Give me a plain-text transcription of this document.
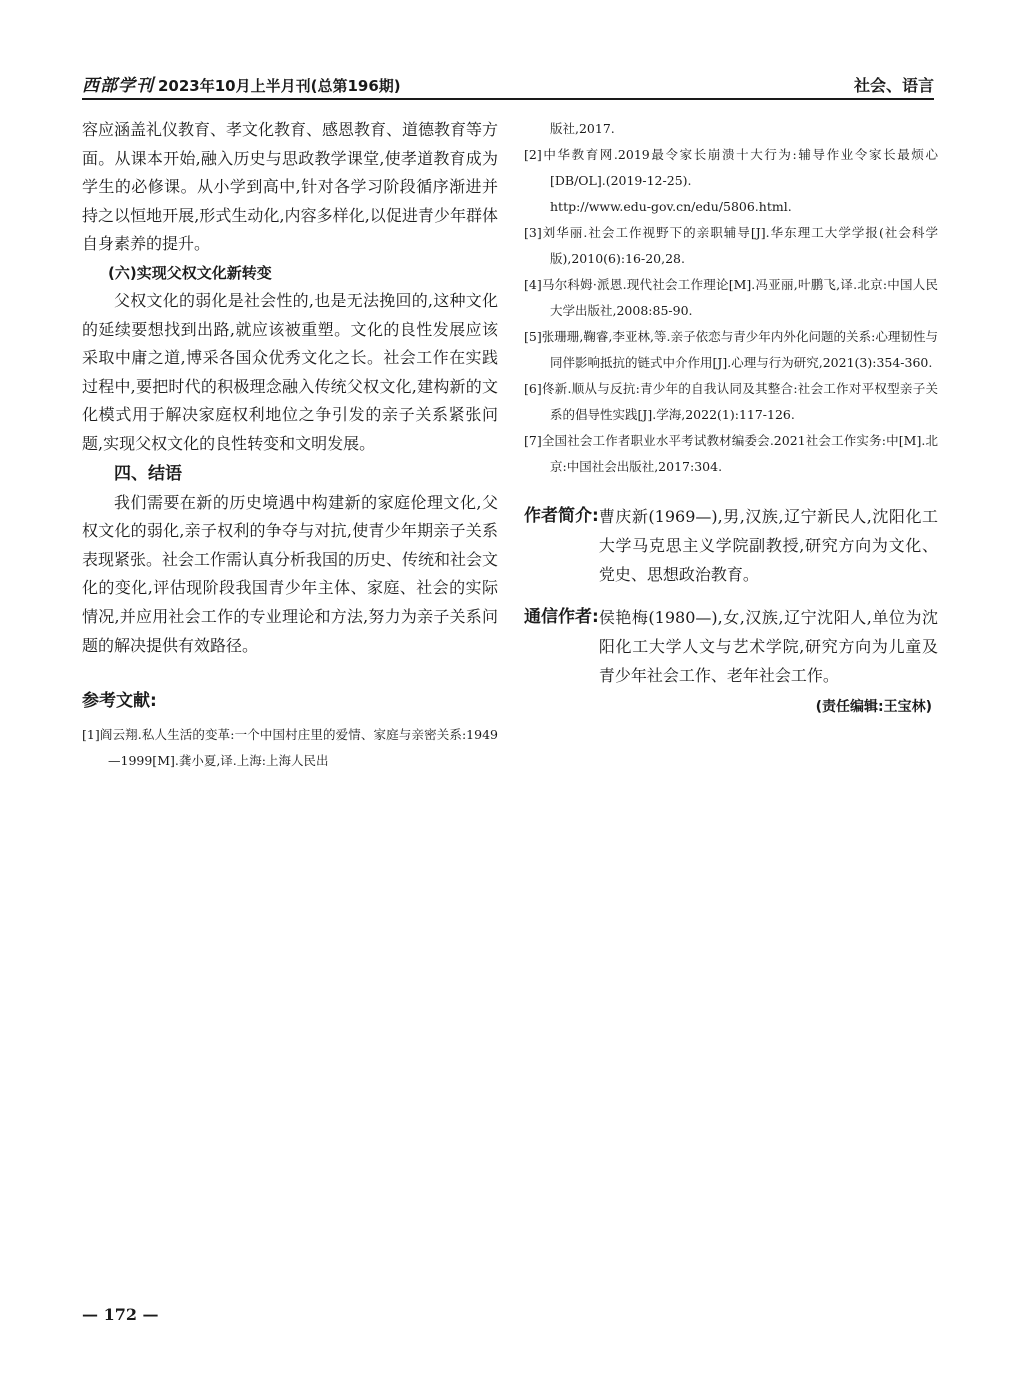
西部学刊 2023年10月上半月刊(总第196期)	社会、语言

容应涵盖礼仪教育、孝文化教育、感恩教育、道德教育等方面。从课本开始,融入历史与思政教学课堂,使孝道教育成为学生的必修课。从小学到高中,针对各学习阶段循序渐进并持之以恒地开展,形式生动化,内容多样化,以促进青少年群体自身素养的提升。

(六)实现父权文化新转变

父权文化的弱化是社会性的,也是无法挽回的,这种文化的延续要想找到出路,就应该被重塑。文化的良性发展应该采取中庸之道,博采各国众优秀文化之长。社会工作在实践过程中,要把时代的积极理念融入传统父权文化,建构新的文化模式用于解决家庭权利地位之争引发的亲子关系紧张问题,实现父权文化的良性转变和文明发展。

四、结语

我们需要在新的历史境遇中构建新的家庭伦理文化,父权文化的弱化,亲子权利的争夺与对抗,使青少年期亲子关系表现紧张。社会工作需认真分析我国的历史、传统和社会文化的变化,评估现阶段我国青少年主体、家庭、社会的实际情况,并应用社会工作的专业理论和方法,努力为亲子关系问题的解决提供有效路径。

参考文献:

[1]阎云翔.私人生活的变革:一个中国村庄里的爱情、家庭与亲密关系:1949—1999[M].龚小夏,译.上海:上海人民出

版社,2017.

[2]中华教育网.2019最令家长崩溃十大行为:辅导作业令家长最烦心[DB/OL].(2019-12-25).

http://www.edu-gov.cn/edu/5806.html.

[3]刘华丽.社会工作视野下的亲职辅导[J].华东理工大学学报(社会科学版),2010(6):16-20,28.

[4]马尔科姆·派恩.现代社会工作理论[M].冯亚丽,叶鹏飞,译.北京:中国人民大学出版社,2008:85-90.

[5]张珊珊,鞠睿,李亚林,等.亲子依恋与青少年内外化问题的关系:心理韧性与同伴影响抵抗的链式中介作用[J].心理与行为研究,2021(3):354-360.

[6]佟新.顺从与反抗:青少年的自我认同及其整合:社会工作对平权型亲子关系的倡导性实践[J].学海,2022(1):117-126.

[7]全国社会工作者职业水平考试教材编委会.2021社会工作实务:中[M].北京:中国社会出版社,2017:304.

作者简介: 曹庆新(1969—),男,汉族,辽宁新民人,沈阳化工大学马克思主义学院副教授,研究方向为文化、党史、思想政治教育。
通信作者: 侯艳梅(1980—),女,汉族,辽宁沈阳人,单位为沈阳化工大学人文与艺术学院,研究方向为儿童及青少年社会工作、老年社会工作。
(责任编辑:王宝林)
— 172 —
